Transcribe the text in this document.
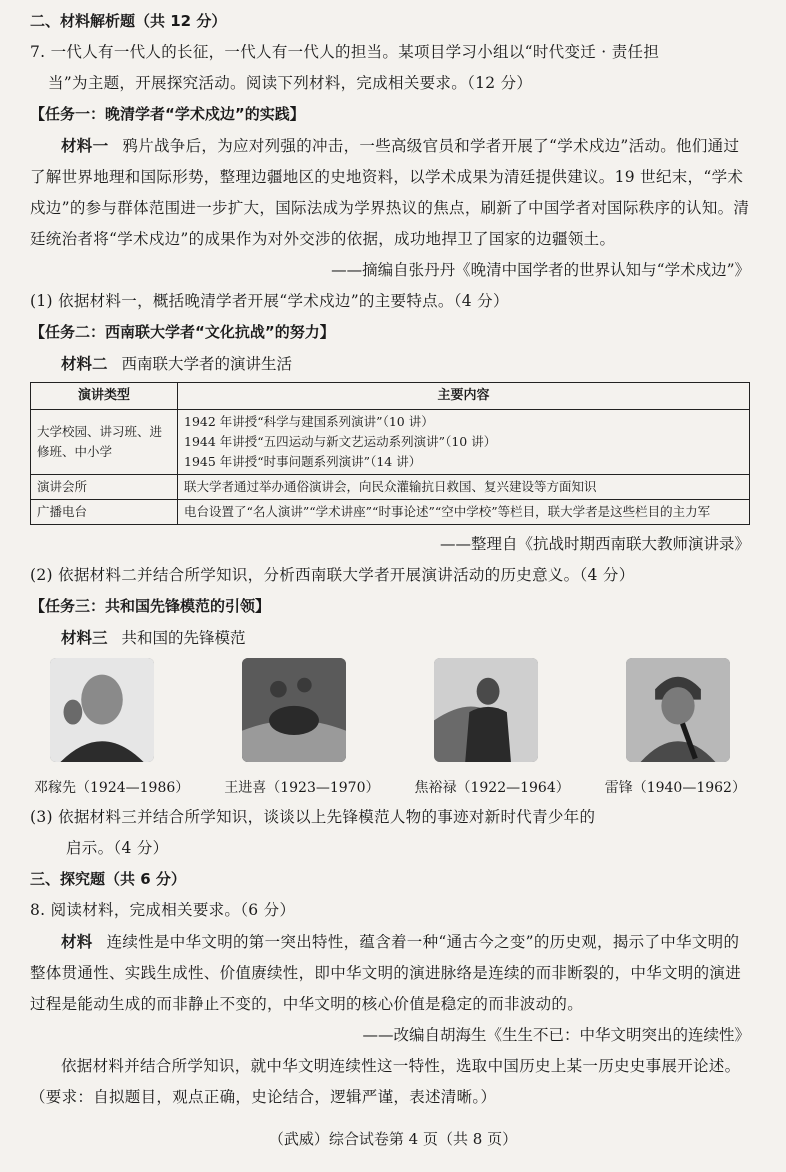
二、材料解析题（共 12 分）

7. 一代人有一代人的长征，一代人有一代人的担当。某项目学习小组以“时代变迁 · 责任担

当”为主题，开展探究活动。阅读下列材料，完成相关要求。（12 分）

【任务一：晚清学者“学术戍边”的实践】

材料一 鸦片战争后，为应对列强的冲击，一些高级官员和学者开展了“学术戍边”活动。他们通过了解世界地理和国际形势，整理边疆地区的史地资料，以学术成果为清廷提供建议。19 世纪末，“学术戍边”的参与群体范围进一步扩大，国际法成为学界热议的焦点，刷新了中国学者对国际秩序的认知。清廷统治者将“学术戍边”的成果作为对外交涉的依据，成功地捍卫了国家的边疆领土。

——摘编自张丹丹《晚清中国学者的世界认知与“学术戍边”》

(1) 依据材料一，概括晚清学者开展“学术戍边”的主要特点。（4 分）

【任务二：西南联大学者“文化抗战”的努力】

材料二 西南联大学者的演讲生活

演讲类型	主要内容
大学校园、讲习班、进修班、中小学	1942 年讲授“科学与建国系列演讲”（10 讲）
1944 年讲授“五四运动与新文艺运动系列演讲”（10 讲）
1945 年讲授“时事问题系列演讲”（14 讲）

演讲会所	联大学者通过举办通俗演讲会，向民众灌输抗日救国、复兴建设等方面知识
广播电台	电台设置了“名人演讲”“学术讲座”“时事论述”“空中学校”等栏目，联大学者是这些栏目的主力军

——整理自《抗战时期西南联大教师演讲录》

(2) 依据材料二并结合所学知识，分析西南联大学者开展演讲活动的历史意义。（4 分）

【任务三：共和国先锋模范的引领】

材料三 共和国的先锋模范

邓稼先（1924—1986） 王进喜（1923—1970） 焦裕禄（1922—1964） 雷锋（1940—1962）

(3) 依据材料三并结合所学知识，谈谈以上先锋模范人物的事迹对新时代青少年的

启示。（4 分）

三、探究题（共 6 分）

8. 阅读材料，完成相关要求。（6 分）

材料 连续性是中华文明的第一突出特性，蕴含着一种“通古今之变”的历史观，揭示了中华文明的整体贯通性、实践生成性、价值赓续性，即中华文明的演进脉络是连续的而非断裂的，中华文明的演进过程是能动生成的而非静止不变的，中华文明的核心价值是稳定的而非波动的。

——改编自胡海生《生生不已：中华文明突出的连续性》

依据材料并结合所学知识，就中华文明连续性这一特性，选取中国历史上某一历史史事展开论述。（要求：自拟题目，观点正确，史论结合，逻辑严谨，表述清晰。）

（武威）综合试卷第 4 页（共 8 页）
